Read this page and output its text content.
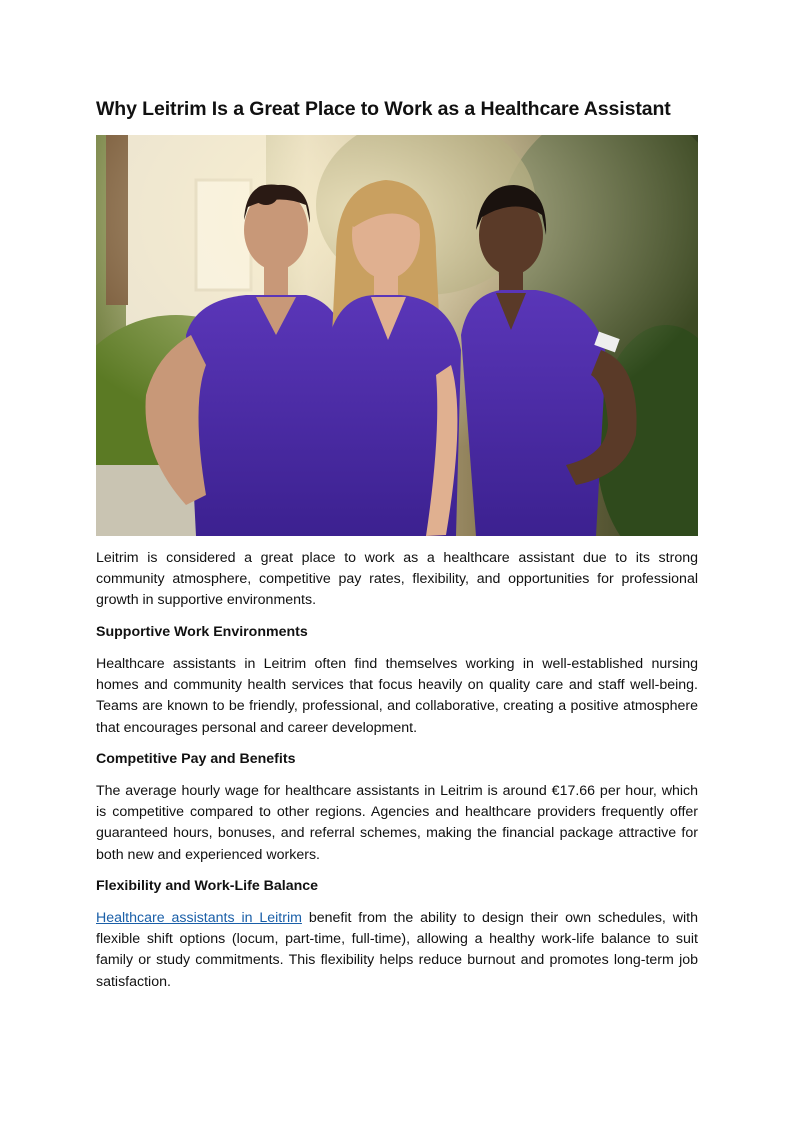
Why Leitrim Is a Great Place to Work as a Healthcare Assistant

Leitrim is considered a great place to work as a healthcare assistant due to its strong community atmosphere, competitive pay rates, flexibility, and opportunities for professional growth in supportive environments.

Supportive Work Environments

Healthcare assistants in Leitrim often find themselves working in well-established nursing homes and community health services that focus heavily on quality care and staff well-being. Teams are known to be friendly, professional, and collaborative, creating a positive atmosphere that encourages personal and career development.

Competitive Pay and Benefits

The average hourly wage for healthcare assistants in Leitrim is around €17.66 per hour, which is competitive compared to other regions. Agencies and healthcare providers frequently offer guaranteed hours, bonuses, and referral schemes, making the financial package attractive for both new and experienced workers.

Flexibility and Work-Life Balance

Healthcare assistants in Leitrim benefit from the ability to design their own schedules, with flexible shift options (locum, part-time, full-time), allowing a healthy work-life balance to suit family or study commitments. This flexibility helps reduce burnout and promotes long-term job satisfaction.
